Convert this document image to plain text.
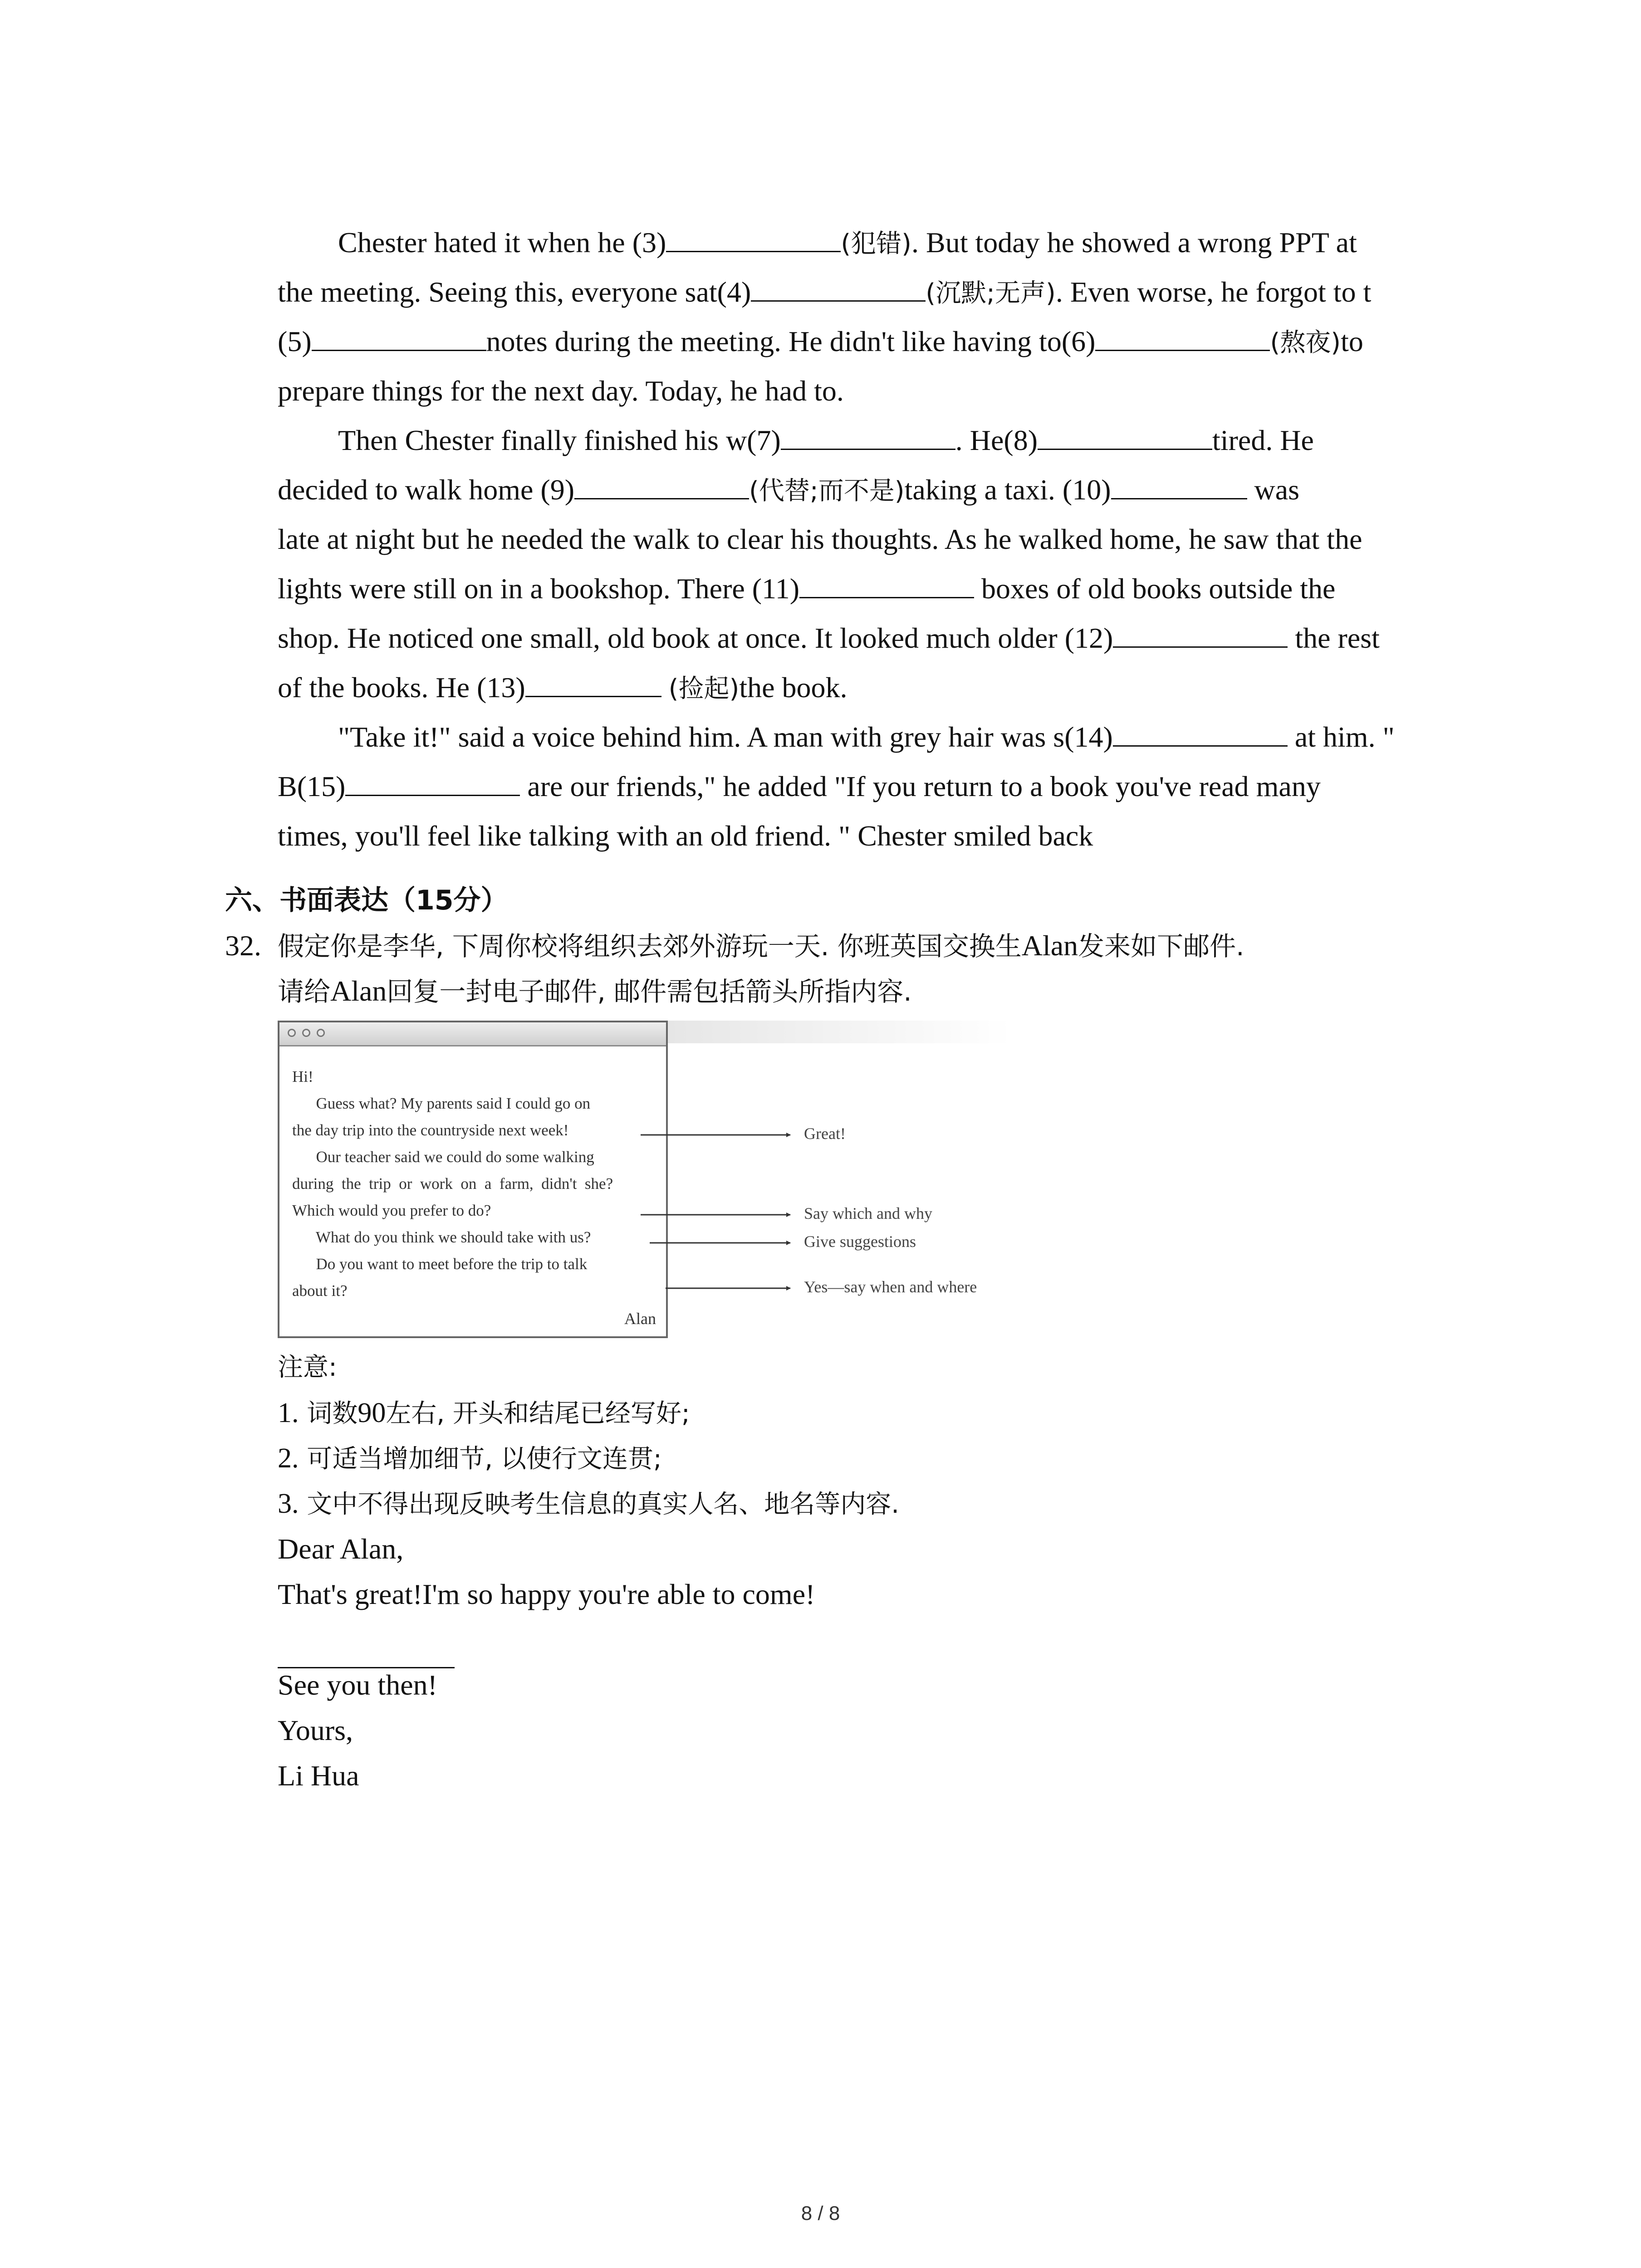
Chester hated it when he (3)	(犯错). But today he showed a wrong PPT at
the meeting. Seeing this, everyone sat(4)	(沉默;无声). Even worse, he forgot to t
(5)	notes during the meeting. He didn't like having to(6)	(熬夜)to
prepare things for the next day. Today, he had to.
Then Chester finally finished his w(7)	. He(8)	tired. He
decided to walk home (9)	(代替;而不是)taking a taxi. (10)	was
late at night but he needed the walk to clear his thoughts. As he walked home, he saw that the
lights were still on in a bookshop. There (11)	boxes of old books outside the
shop. He noticed one small, old book at once. It looked much older (12)	the rest
of the books. He (13)	(捡起)the book.
"Take it!" said a voice behind him. A man with grey hair was s(14)	at him. "
B(15)	are our friends," he added "If you return to a book you've read many
times, you'll feel like talking with an old friend. " Chester smiled back
六、书面表达（15分）
32. 假定你是李华, 下周你校将组织去郊外游玩一天. 你班英国交换生Alan发来如下邮件.
请给Alan回复一封电子邮件, 邮件需包括箭头所指内容.
Hi!
Guess what? My parents said I could go on
the day trip into the countryside next week!
Our teacher said we could do some walking
during  the  trip  or  work  on  a  farm,  didn't  she?
Which would you prefer to do?
What do you think we should take with us?
Do you want to meet before the trip to talk
about it?
Alan
Great!
Say which and why
Give suggestions
Yes—say when and where
注意:
1. 词数90左右, 开头和结尾已经写好;
2. 可适当增加细节, 以使行文连贯;
3. 文中不得出现反映考生信息的真实人名、地名等内容.
Dear Alan,
That's great!I'm so happy you're able to come!
See you then!
Yours,
Li Hua
8 / 8
